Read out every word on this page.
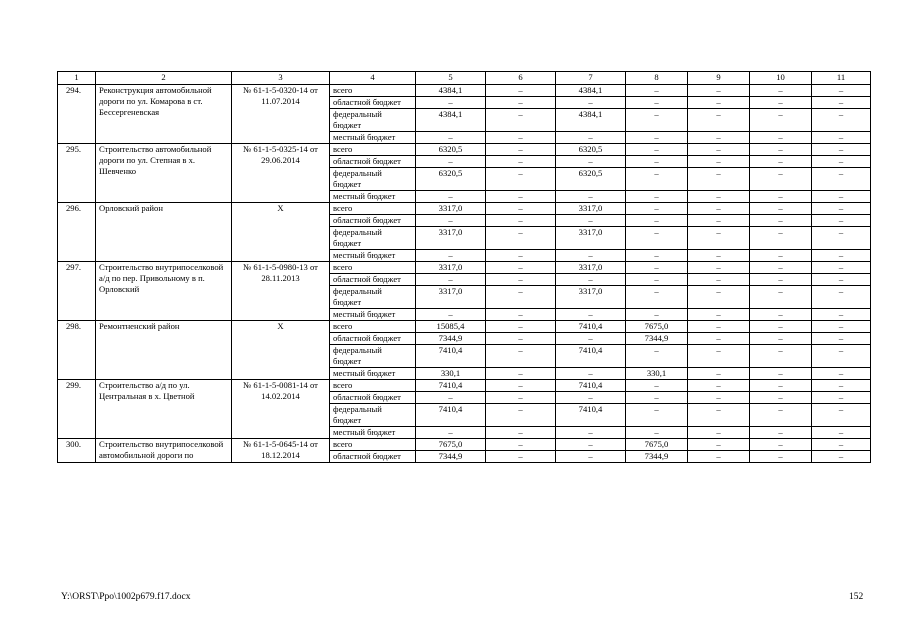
1	2	3	4	5	6	7	8	9	10	11
294.	Реконструкция автомобильной дороги по ул. Комарова в ст. Бессергеневская	№ 61-1-5-0320-14 от 11.07.2014	всего	4384,1	–	4384,1	–	–	–	–
			областной бюджет	–	–	–	–	–	–	–
			федеральный бюджет	4384,1	–	4384,1	–	–	–	–
			местный бюджет	–	–	–	–	–	–	–
295.	Строительство автомобильной дороги по ул. Степная в х. Шевченко	№ 61-1-5-0325-14 от 29.06.2014	всего	6320,5	–	6320,5	–	–	–	–
			областной бюджет	–	–	–	–	–	–	–
			федеральный бюджет	6320,5	–	6320,5	–	–	–	–
			местный бюджет	–	–	–	–	–	–	–
296.	Орловский район	Х	всего	3317,0	–	3317,0	–	–	–	–
			областной бюджет	–	–	–	–	–	–	–
			федеральный бюджет	3317,0	–	3317,0	–	–	–	–
			местный бюджет	–	–	–	–	–	–	–
297.	Строительство внутрипоселковой а/д по пер. Привольному в п. Орловский	№ 61-1-5-0980-13 от 28.11.2013	всего	3317,0	–	3317,0	–	–	–	–
			областной бюджет	–	–	–	–	–	–	–
			федеральный бюджет	3317,0	–	3317,0	–	–	–	–
			местный бюджет	–	–	–	–	–	–	–
298.	Ремонтненский район	Х	всего	15085,4	–	7410,4	7675,0	–	–	–
			областной бюджет	7344,9	–	–	7344,9	–	–	–
			федеральный бюджет	7410,4	–	7410,4	–	–	–	–
			местный бюджет	330,1	–	–	330,1	–	–	–
299.	Строительство а/д по ул. Центральная в х. Цветной	№ 61-1-5-0081-14 от 14.02.2014	всего	7410,4	–	7410,4	–	–	–	–
			областной бюджет	–	–	–	–	–	–	–
			федеральный бюджет	7410,4	–	7410,4	–	–	–	–
			местный бюджет	–	–	–	–	–	–	–
300.	Строительство внутрипоселковой автомобильной дороги по	№ 61-1-5-0645-14 от 18.12.2014	всего	7675,0	–	–	7675,0	–	–	–
			областной бюджет	7344,9	–	–	7344,9	–	–	–
Y:\ORST\Ppo\1002p679.f17.docx	152
